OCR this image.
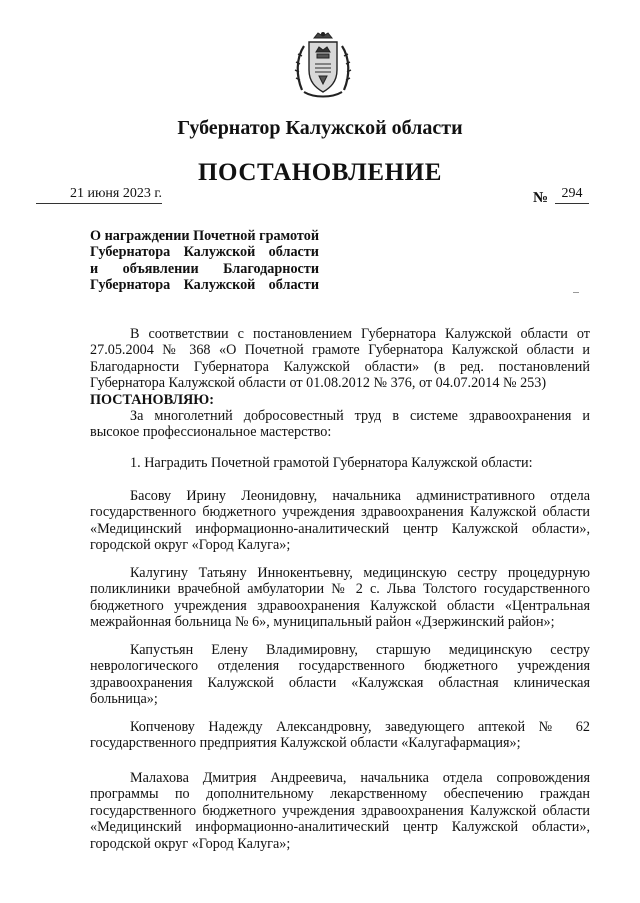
Губернатор Калужской области
ПОСТАНОВЛЕНИЕ
21 июня 2023 г.	№ 294
О награждении Почетной грамотой
Губернатора Калужской области
и объявлении Благодарности
Губернатора Калужской области
В соответствии с постановлением Губернатора Калужской области от 27.05.2004 № 368 «О Почетной грамоте Губернатора Калужской области и Благодарности Губернатора Калужской области» (в ред. постановлений Губернатора Калужской области от 01.08.2012 № 376, от 04.07.2014 № 253)
ПОСТАНОВЛЯЮ:
За многолетний добросовестный труд в системе здравоохранения и высокое профессиональное мастерство:
1. Наградить Почетной грамотой Губернатора Калужской области:
Басову Ирину Леонидовну, начальника административного отдела государственного бюджетного учреждения здравоохранения Калужской области «Медицинский информационно-аналитический центр Калужской области», городской округ «Город Калуга»;
Калугину Татьяну Иннокентьевну, медицинскую сестру процедурную поликлиники врачебной амбулатории № 2 с. Льва Толстого государственного бюджетного учреждения здравоохранения Калужской области «Центральная межрайонная больница № 6», муниципальный район «Дзержинский район»;
Капустьян Елену Владимировну, старшую медицинскую сестру неврологического отделения государственного бюджетного учреждения здравоохранения Калужской области «Калужская областная клиническая больница»;
Копченову Надежду Александровну, заведующего аптекой № 62 государственного предприятия Калужской области «Калугафармация»;
Малахова Дмитрия Андреевича, начальника отдела сопровождения программы по дополнительному лекарственному обеспечению граждан государственного бюджетного учреждения здравоохранения Калужской области «Медицинский информационно-аналитический центр Калужской области», городской округ «Город Калуга»;
